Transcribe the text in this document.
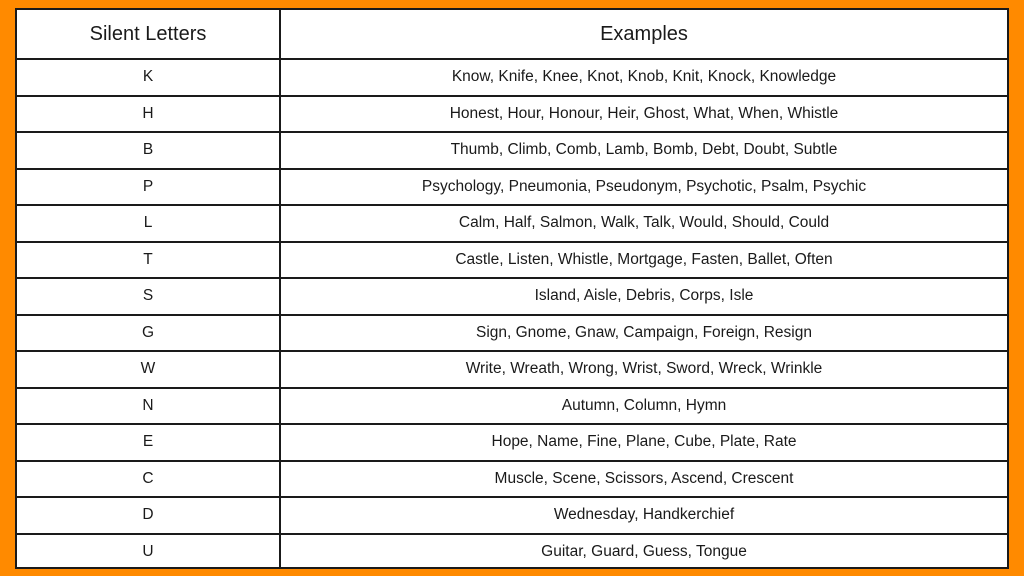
Silent Letters	Examples
K	Know, Knife, Knee, Knot, Knob, Knit, Knock, Knowledge
H	Honest, Hour, Honour, Heir, Ghost, What, When, Whistle
B	Thumb, Climb, Comb, Lamb, Bomb, Debt, Doubt, Subtle
P	Psychology, Pneumonia, Pseudonym, Psychotic, Psalm, Psychic
L	Calm, Half, Salmon, Walk, Talk, Would, Should, Could
T	Castle, Listen, Whistle, Mortgage, Fasten, Ballet, Often
S	Island, Aisle, Debris, Corps, Isle
G	Sign, Gnome, Gnaw, Campaign, Foreign, Resign
W	Write, Wreath, Wrong, Wrist, Sword, Wreck, Wrinkle
N	Autumn, Column, Hymn
E	Hope, Name, Fine, Plane, Cube, Plate, Rate
C	Muscle, Scene, Scissors, Ascend, Crescent
D	Wednesday, Handkerchief
U	Guitar, Guard, Guess, Tongue
